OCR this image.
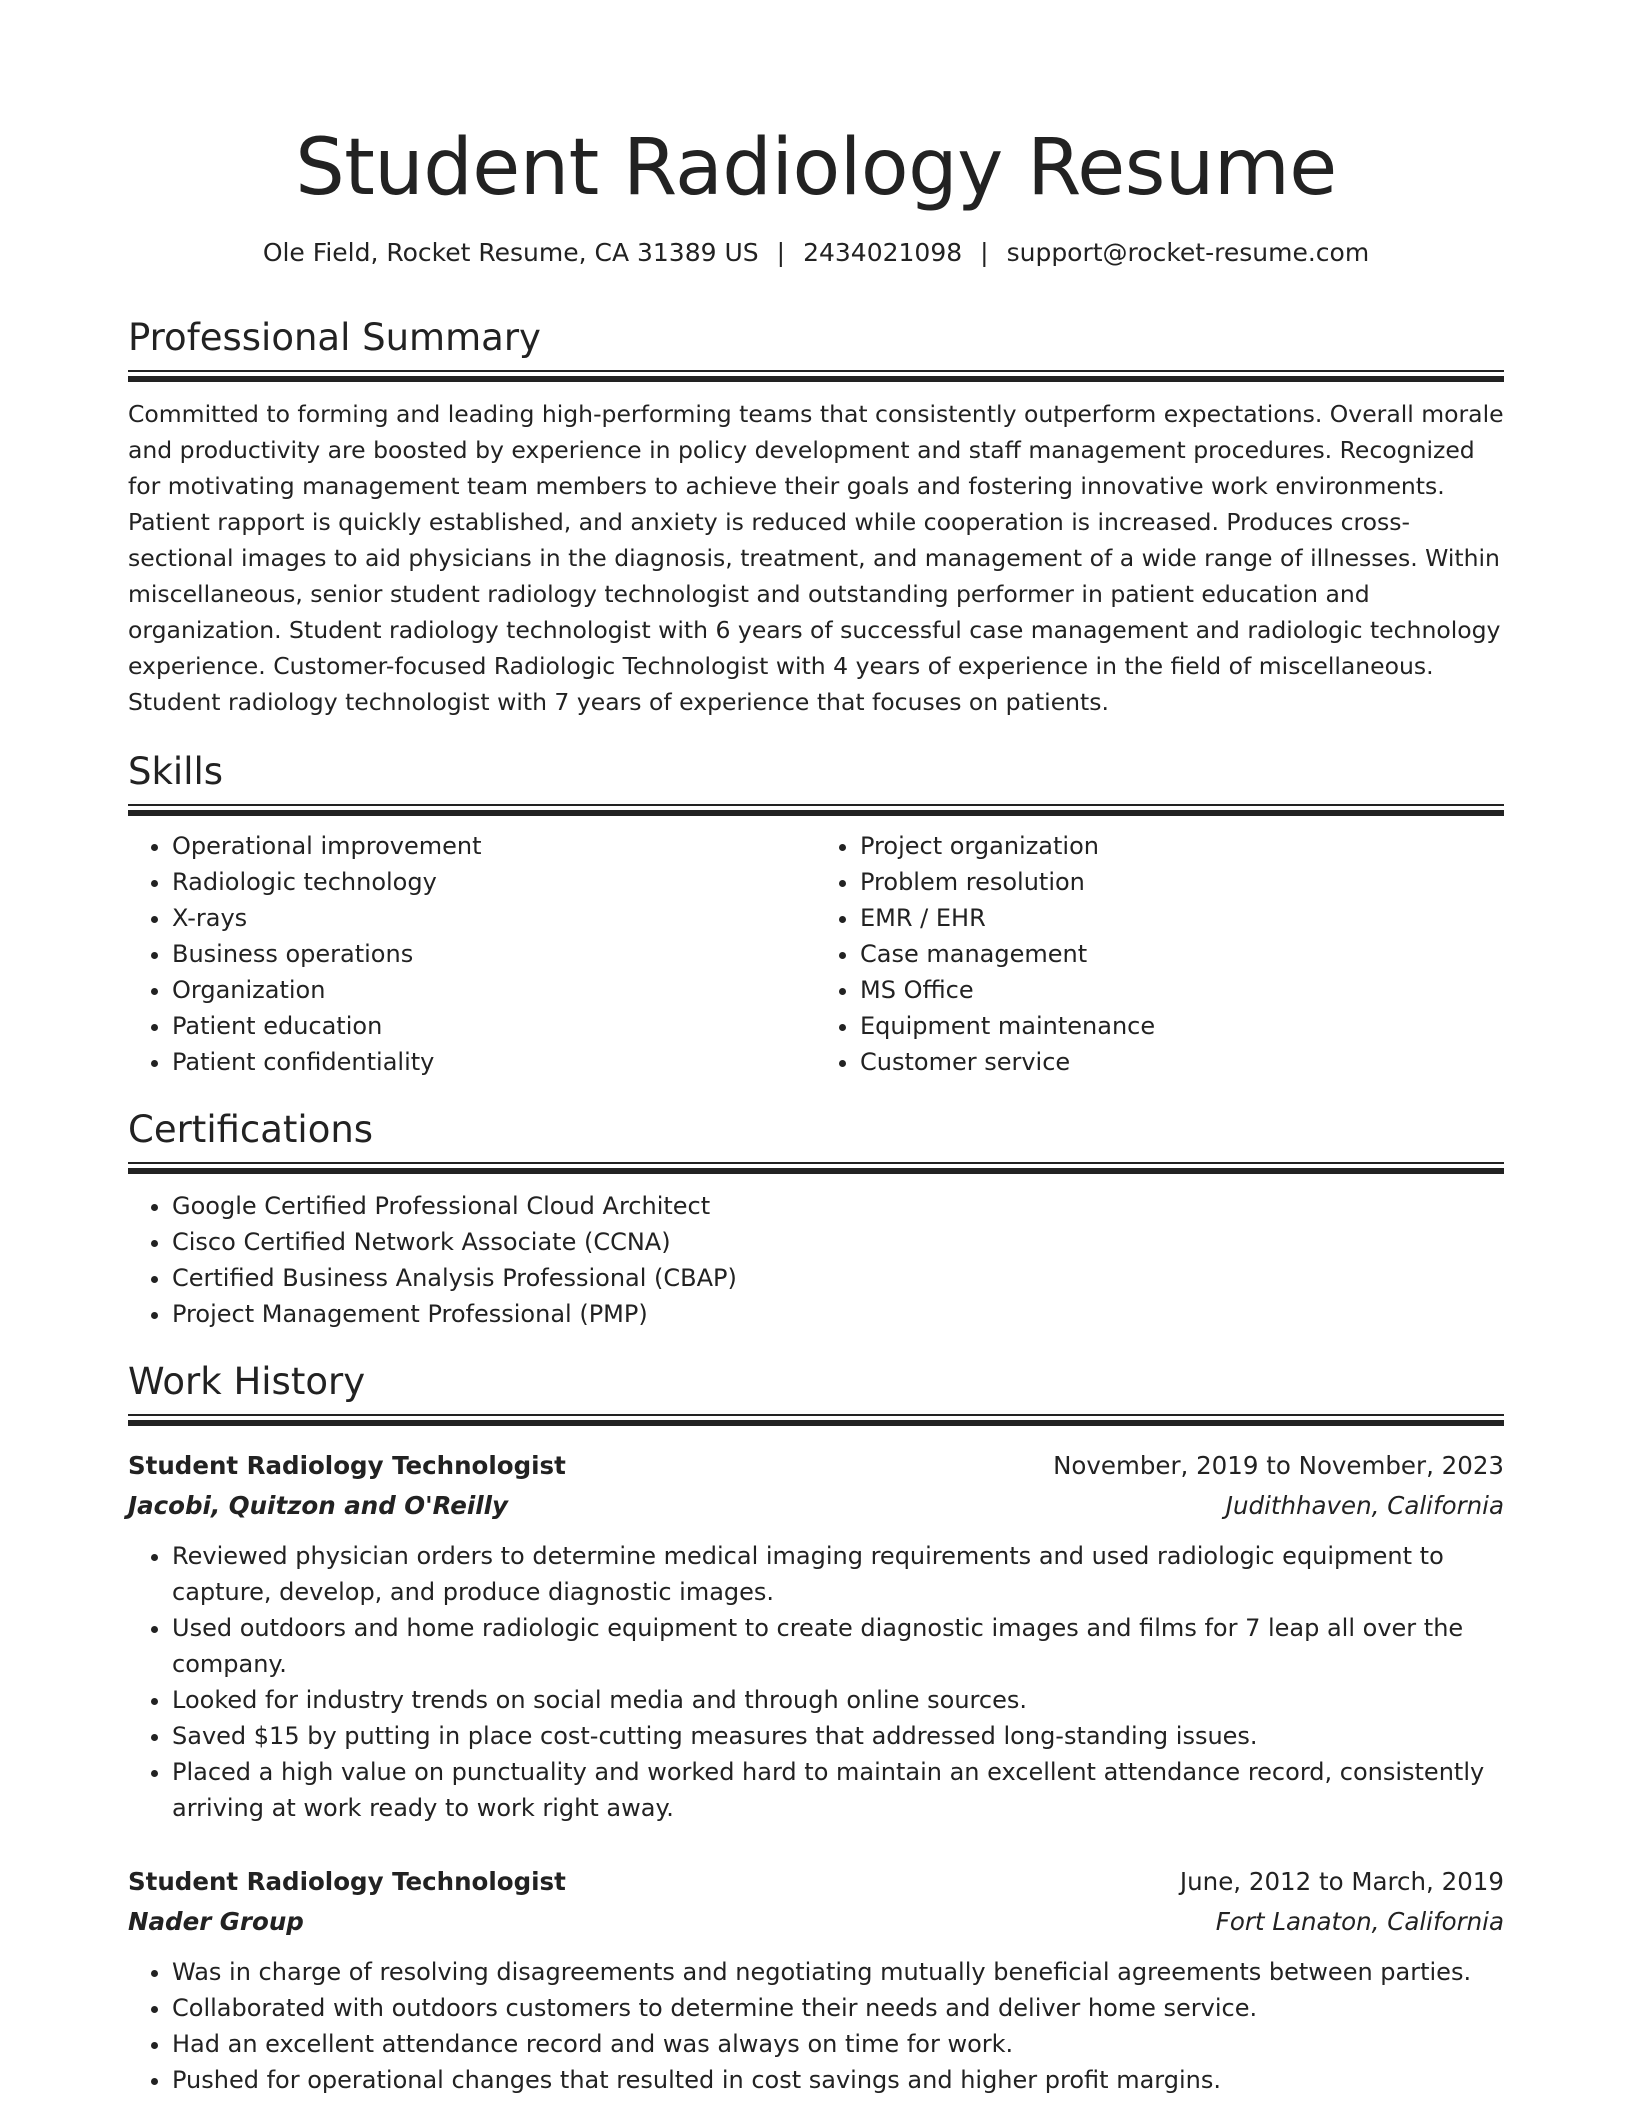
Student Radiology Resume
Ole Field, Rocket Resume, CA 31389 US | 2434021098 | support@rocket-resume.com
Professional Summary

Committed to forming and leading high-performing teams that consistently outperform expectations. Overall morale and productivity are boosted by experience in policy development and staff management procedures. Recognized for motivating management team members to achieve their goals and fostering innovative work environments. Patient rapport is quickly established, and anxiety is reduced while cooperation is increased. Produces cross-sectional images to aid physicians in the diagnosis, treatment, and management of a wide range of illnesses. Within miscellaneous, senior student radiology technologist and outstanding performer in patient education and organization. Student radiology technologist with 6 years of successful case management and radiologic technology experience. Customer-focused Radiologic Technologist with 4 years of experience in the field of miscellaneous. Student radiology technologist with 7 years of experience that focuses on patients.

Skills
• Operational improvement
• Radiologic technology
• X-rays
• Business operations
• Organization
• Patient education
• Patient confidentiality
• Project organization
• Problem resolution
• EMR / EHR
• Case management
• MS Office
• Equipment maintenance
• Customer service
Certifications
• Google Certified Professional Cloud Architect
• Cisco Certified Network Associate (CCNA)
• Certified Business Analysis Professional (CBAP)
• Project Management Professional (PMP)
Work History
Student Radiology Technologist	November, 2019 to November, 2023
Jacobi, Quitzon and O'Reilly	Judithhaven, California
• Reviewed physician orders to determine medical imaging requirements and used radiologic equipment to capture, develop, and produce diagnostic images.
• Used outdoors and home radiologic equipment to create diagnostic images and films for 7 leap all over the company.
• Looked for industry trends on social media and through online sources.
• Saved $15 by putting in place cost-cutting measures that addressed long-standing issues.
• Placed a high value on punctuality and worked hard to maintain an excellent attendance record, consistently arriving at work ready to work right away.
Student Radiology Technologist	June, 2012 to March, 2019
Nader Group	Fort Lanaton, California
• Was in charge of resolving disagreements and negotiating mutually beneficial agreements between parties.
• Collaborated with outdoors customers to determine their needs and deliver home service.
• Had an excellent attendance record and was always on time for work.
• Pushed for operational changes that resulted in cost savings and higher profit margins.
